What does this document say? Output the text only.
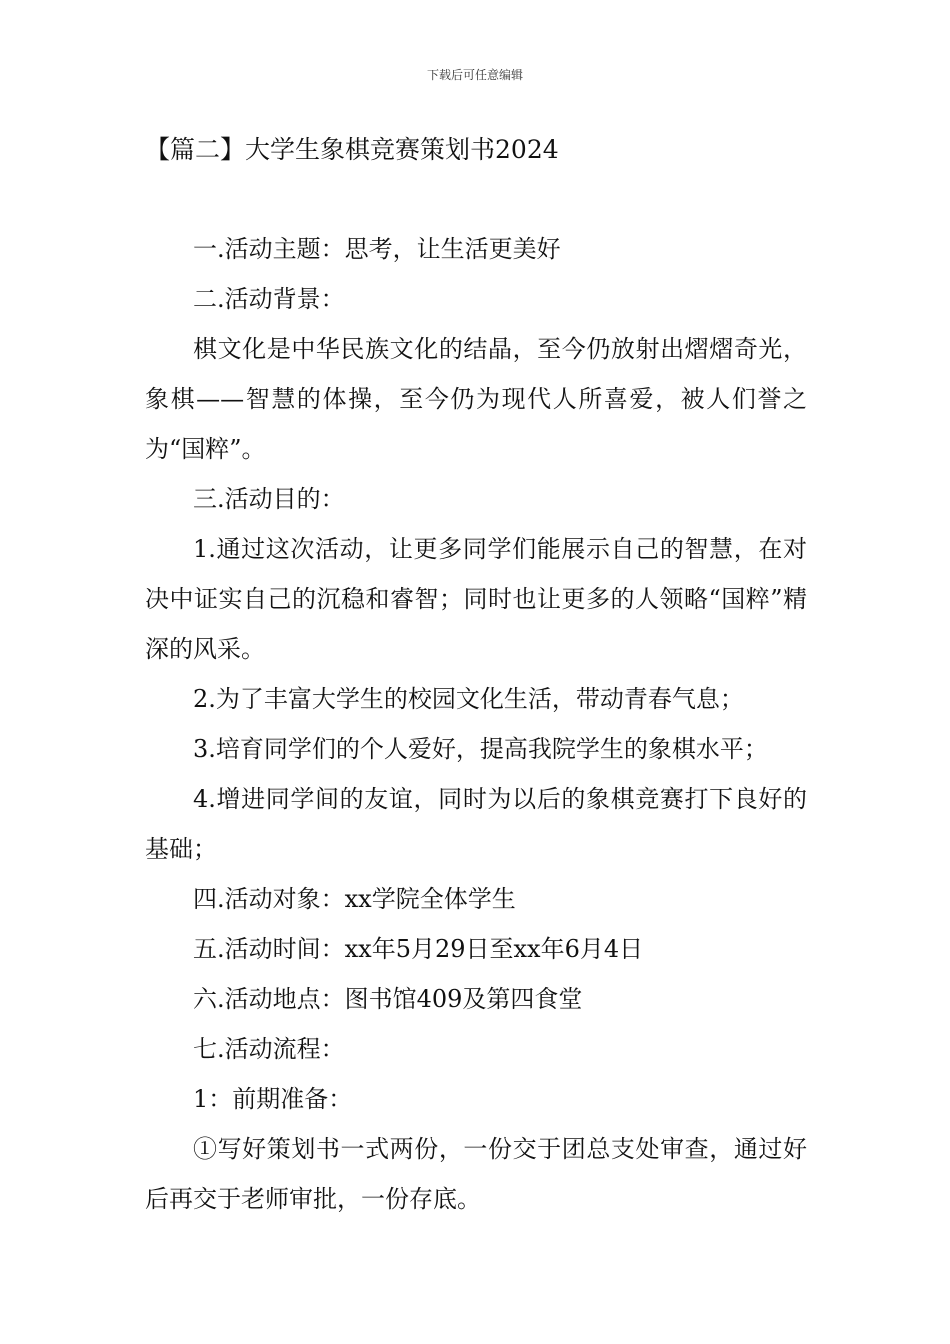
下载后可任意编辑
【篇二】大学生象棋竞赛策划书2024

一.活动主题：思考，让生活更美好

二.活动背景：

棋文化是中华民族文化的结晶，至今仍放射出熠熠奇光，象棋——智慧的体操，至今仍为现代人所喜爱，被人们誉之为“国粹”。

三.活动目的：

1.通过这次活动，让更多同学们能展示自己的智慧，在对决中证实自己的沉稳和睿智；同时也让更多的人领略“国粹”精深的风采。

2.为了丰富大学生的校园文化生活，带动青春气息；

3.培育同学们的个人爱好，提高我院学生的象棋水平；

4.增进同学间的友谊，同时为以后的象棋竞赛打下良好的基础；

四.活动对象：xx学院全体学生

五.活动时间：xx年5月29日至xx年6月4日

六.活动地点：图书馆409及第四食堂

七.活动流程：

1：前期准备：

①写好策划书一式两份，一份交于团总支处审查，通过好后再交于老师审批，一份存底。
